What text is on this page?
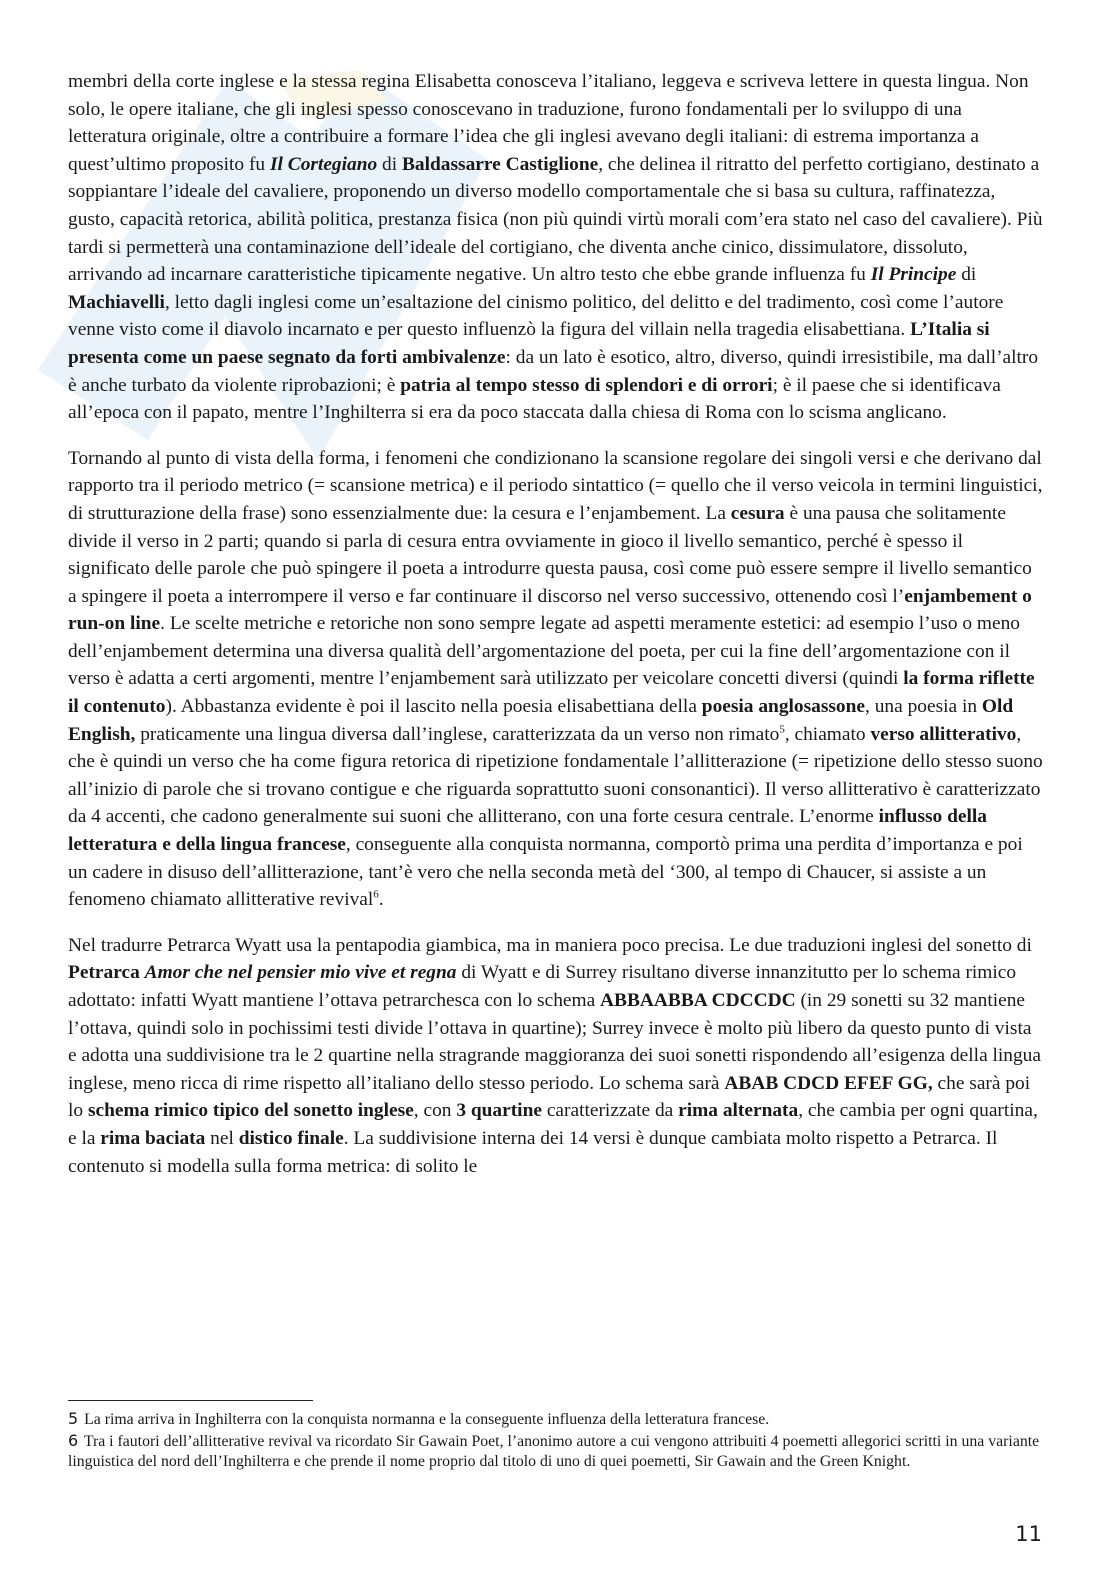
membri della corte inglese e la stessa regina Elisabetta conosceva l’italiano, leggeva e scriveva lettere in questa lingua. Non solo, le opere italiane, che gli inglesi spesso conoscevano in traduzione, furono fondamentali per lo sviluppo di una letteratura originale, oltre a contribuire a formare l’idea che gli inglesi avevano degli italiani: di estrema importanza a quest’ultimo proposito fu Il Cortegiano di Baldassarre Castiglione, che delinea il ritratto del perfetto cortigiano, destinato a soppiantare l’ideale del cavaliere, proponendo un diverso modello comportamentale che si basa su cultura, raffinatezza, gusto, capacità retorica, abilità politica, prestanza fisica (non più quindi virtù morali com’era stato nel caso del cavaliere). Più tardi si permetterà una contaminazione dell’ideale del cortigiano, che diventa anche cinico, dissimulatore, dissoluto, arrivando ad incarnare caratteristiche tipicamente negative. Un altro testo che ebbe grande influenza fu Il Principe di Machiavelli, letto dagli inglesi come un’esaltazione del cinismo politico, del delitto e del tradimento, così come l’autore venne visto come il diavolo incarnato e per questo influenzò la figura del villain nella tragedia elisabettiana. L’Italia si presenta come un paese segnato da forti ambivalenze: da un lato è esotico, altro, diverso, quindi irresistibile, ma dall’altro è anche turbato da violente riprobazioni; è patria al tempo stesso di splendori e di orrori; è il paese che si identificava all’epoca con il papato, mentre l’Inghilterra si era da poco staccata dalla chiesa di Roma con lo scisma anglicano.

Tornando al punto di vista della forma, i fenomeni che condizionano la scansione regolare dei singoli versi e che derivano dal rapporto tra il periodo metrico (= scansione metrica) e il periodo sintattico (= quello che il verso veicola in termini linguistici, di strutturazione della frase) sono essenzialmente due: la cesura e l’enjambement. La cesura è una pausa che solitamente divide il verso in 2 parti; quando si parla di cesura entra ovviamente in gioco il livello semantico, perché è spesso il significato delle parole che può spingere il poeta a introdurre questa pausa, così come può essere sempre il livello semantico a spingere il poeta a interrompere il verso e far continuare il discorso nel verso successivo, ottenendo così l’enjambement o run-on line. Le scelte metriche e retoriche non sono sempre legate ad aspetti meramente estetici: ad esempio l’uso o meno dell’enjambement determina una diversa qualità dell’argomentazione del poeta, per cui la fine dell’argomentazione con il verso è adatta a certi argomenti, mentre l’enjambement sarà utilizzato per veicolare concetti diversi (quindi la forma riflette il contenuto). Abbastanza evidente è poi il lascito nella poesia elisabettiana della poesia anglosassone, una poesia in Old English, praticamente una lingua diversa dall’inglese, caratterizzata da un verso non rimato$^5$, chiamato verso allitterativo, che è quindi un verso che ha come figura retorica di ripetizione fondamentale l’allitterazione (= ripetizione dello stesso suono all’inizio di parole che si trovano contigue e che riguarda soprattutto suoni consonantici). Il verso allitterativo è caratterizzato da 4 accenti, che cadono generalmente sui suoni che allitterano, con una forte cesura centrale. L’enorme influsso della letteratura e della lingua francese, conseguente alla conquista normanna, comportò prima una perdita d’importanza e poi un cadere in disuso dell’allitterazione, tant’è vero che nella seconda metà del ‘300, al tempo di Chaucer, si assiste a un fenomeno chiamato allitterative revival$^6$.

Nel tradurre Petrarca Wyatt usa la pentapodia giambica, ma in maniera poco precisa. Le due traduzioni inglesi del sonetto di Petrarca Amor che nel pensier mio vive et regna di Wyatt e di Surrey risultano diverse innanzitutto per lo schema rimico adottato: infatti Wyatt mantiene l’ottava petrarchesca con lo schema ABBAABBA CDCCDC (in 29 sonetti su 32 mantiene l’ottava, quindi solo in pochissimi testi divide l’ottava in quartine); Surrey invece è molto più libero da questo punto di vista e adotta una suddivisione tra le 2 quartine nella stragrande maggioranza dei suoi sonetti rispondendo all’esigenza della lingua inglese, meno ricca di rime rispetto all’italiano dello stesso periodo. Lo schema sarà ABAB CDCD EFEF GG, che sarà poi lo schema rimico tipico del sonetto inglese, con 3 quartine caratterizzate da rima alternata, che cambia per ogni quartina, e la rima baciata nel distico finale. La suddivisione interna dei 14 versi è dunque cambiata molto rispetto a Petrarca. Il contenuto si modella sulla forma metrica: di solito le

5 La rima arriva in Inghilterra con la conquista normanna e la conseguente influenza della letteratura francese.

6 Tra i fautori dell’allitterative revival va ricordato Sir Gawain Poet, l’anonimo autore a cui vengono attribuiti 4 poemetti allegorici scritti in una variante linguistica del nord dell’Inghilterra e che prende il nome proprio dal titolo di uno di quei poemetti, Sir Gawain and the Green Knight.

11
